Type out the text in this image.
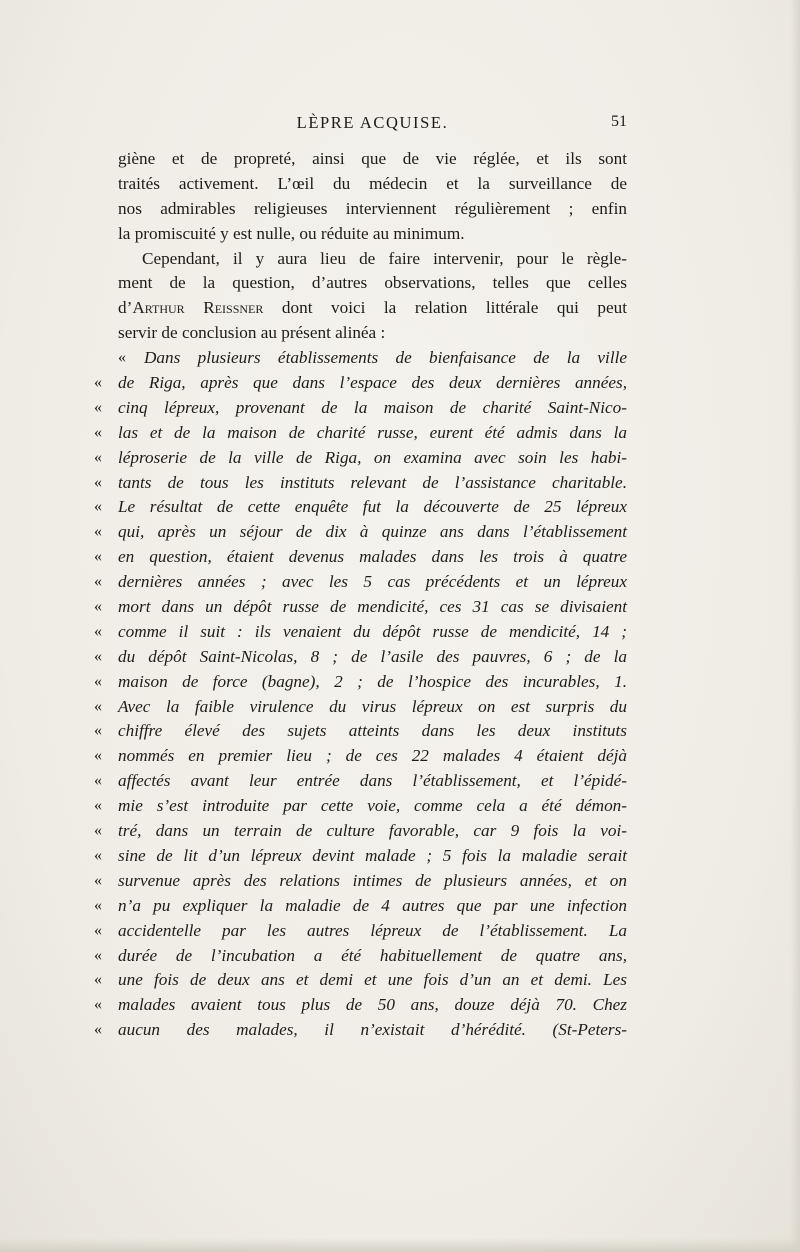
LÈPRE ACQUISE.	51
giène et de propreté, ainsi que de vie réglée, et ils sont
traités activement. L’œil du médecin et la surveillance de
nos admirables religieuses interviennent régulièrement ; enfin
la promiscuité y est nulle, ou réduite au minimum.
Cependant, il y aura lieu de faire intervenir, pour le règle-
ment de la question, d’autres observations, telles que celles
d’Arthur Reissner dont voici la relation littérale qui peut
servir de conclusion au présent alinéa :
« Dans plusieurs établissements de bienfaisance de la ville
« de Riga, après que dans l’espace des deux dernières années,
« cinq lépreux, provenant de la maison de charité Saint-Nico-
« las et de la maison de charité russe, eurent été admis dans la
« léproserie de la ville de Riga, on examina avec soin les habi-
« tants de tous les instituts relevant de l’assistance charitable.
« Le résultat de cette enquête fut la découverte de 25 lépreux
« qui, après un séjour de dix à quinze ans dans l’établissement
« en question, étaient devenus malades dans les trois à quatre
« dernières années ; avec les 5 cas précédents et un lépreux
« mort dans un dépôt russe de mendicité, ces 31 cas se divisaient
« comme il suit : ils venaient du dépôt russe de mendicité, 14 ;
« du dépôt Saint-Nicolas, 8 ; de l’asile des pauvres, 6 ; de la
« maison de force (bagne), 2 ; de l’hospice des incurables, 1.
« Avec la faible virulence du virus lépreux on est surpris du
« chiffre élevé des sujets atteints dans les deux instituts
« nommés en premier lieu ; de ces 22 malades 4 étaient déjà
« affectés avant leur entrée dans l’établissement, et l’épidé-
« mie s’est introduite par cette voie, comme cela a été démon-
« tré, dans un terrain de culture favorable, car 9 fois la voi-
« sine de lit d’un lépreux devint malade ; 5 fois la maladie serait
« survenue après des relations intimes de plusieurs années, et on
« n’a pu expliquer la maladie de 4 autres que par une infection
« accidentelle par les autres lépreux de l’établissement. La
« durée de l’incubation a été habituellement de quatre ans,
« une fois de deux ans et demi et une fois d’un an et demi. Les
« malades avaient tous plus de 50 ans, douze déjà 70. Chez
« aucun des malades, il n’existait d’hérédité. (St-Peters-
